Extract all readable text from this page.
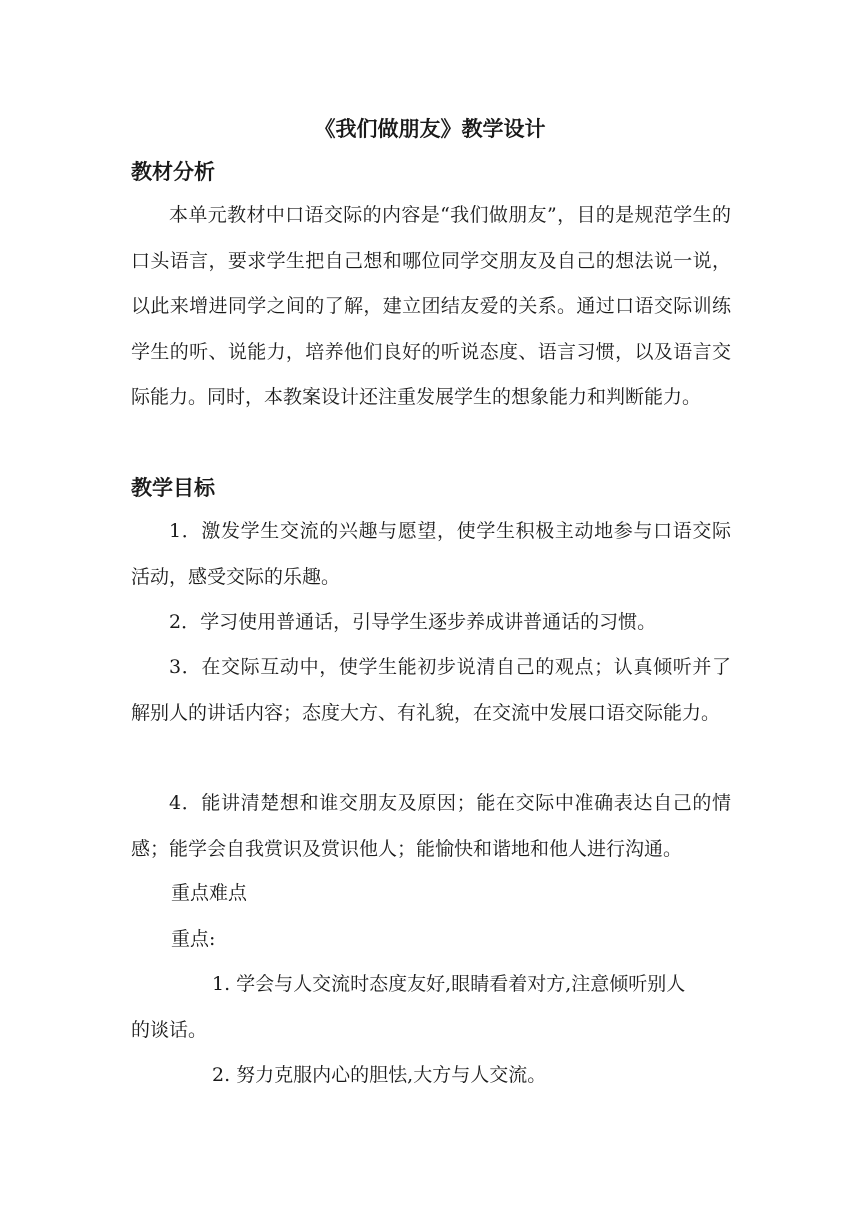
《我们做朋友》教学设计
教材分析

本单元教材中口语交际的内容是“我们做朋友”，目的是规范学生的口头语言，要求学生把自己想和哪位同学交朋友及自己的想法说一说，以此来增进同学之间的了解，建立团结友爱的关系。通过口语交际训练学生的听、说能力，培养他们良好的听说态度、语言习惯，以及语言交际能力。同时，本教案设计还注重发展学生的想象能力和判断能力。

教学目标

1．激发学生交流的兴趣与愿望，使学生积极主动地参与口语交际活动，感受交际的乐趣。

2．学习使用普通话，引导学生逐步养成讲普通话的习惯。

3．在交际互动中，使学生能初步说清自己的观点；认真倾听并了解别人的讲话内容；态度大方、有礼貌，在交流中发展口语交际能力。

4．能讲清楚想和谁交朋友及原因；能在交际中准确表达自己的情感；能学会自我赏识及赏识他人；能愉快和谐地和他人进行沟通。

重点难点

重点:

1. 学会与人交流时态度友好,眼睛看着对方,注意倾听别人

的谈话。

2. 努力克服内心的胆怯,大方与人交流。
